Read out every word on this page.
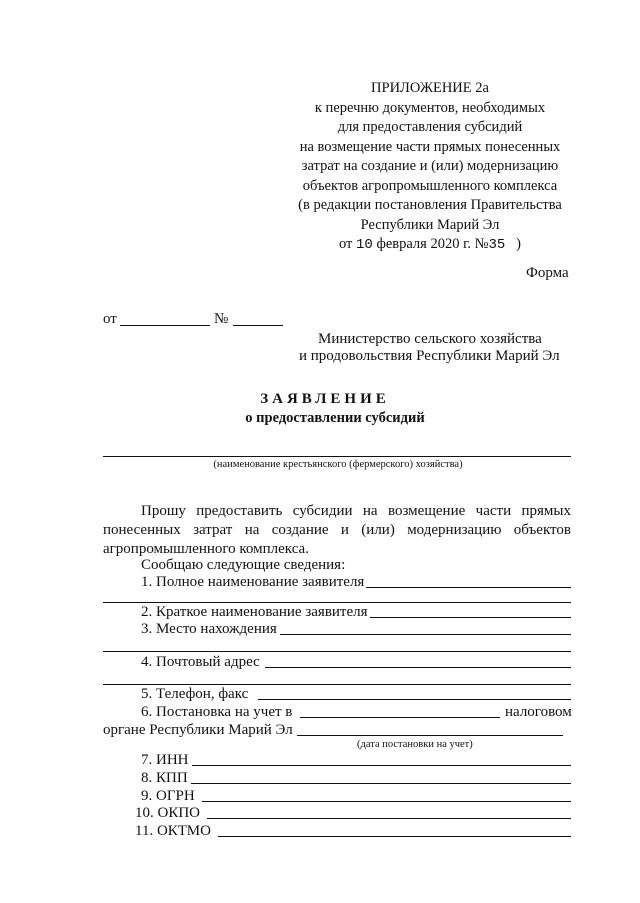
ПРИЛОЖЕНИЕ 2а
к перечню документов, необходимых
для предоставления субсидий
на возмещение части прямых понесенных
затрат на создание и (или) модернизацию
объектов агропромышленного комплекса
(в редакции постановления Правительства
Республики Марий Эл
от 10 февраля 2020 г. №35 )
Форма
от	№
Министерство сельского хозяйства
и продовольствия Республики Марий Эл
ЗАЯВЛЕНИЕ
о предоставлении субсидий
(наименование крестьянского (фермерского) хозяйства)
Прошу предоставить субсидии на возмещение части прямых понесенных затрат на создание и (или) модернизацию объектов агропромышленного комплекса.
Сообщаю следующие сведения:
1. Полное наименование заявителя
2. Краткое наименование заявителя
3. Место нахождения
4. Почтовый адрес
5. Телефон, факс
6. Постановка на учет в	налоговом
органе Республики Марий Эл
(дата постановки на учет)
7. ИНН
8. КПП
9. ОГРН
10. ОКПО
11. ОКТМО
